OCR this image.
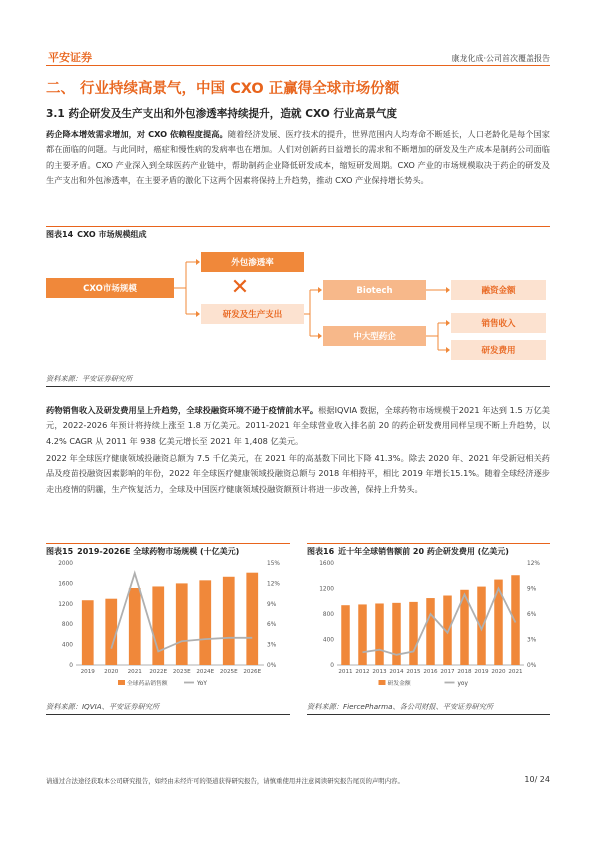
平安证券	康龙化成·公司首次覆盖报告
二、 行业持续高景气，中国 CXO 正赢得全球市场份额
3.1 药企研发及生产支出和外包渗透率持续提升，造就 CXO 行业高景气度
药企降本增效需求增加，对 CXO 依赖程度提高。随着经济发展、医疗技术的提升，世界范围内人均寿命不断延长，人口老龄化是每个国家都在面临的问题。与此同时，癌症和慢性病的发病率也在增加。人们对创新药日益增长的需求和不断增加的研发及生产成本是制药公司面临的主要矛盾。CXO 产业深入到全球医药产业链中，帮助制药企业降低研发成本，缩短研发周期。CXO 产业的市场规模取决于药企的研发及生产支出和外包渗透率，在主要矛盾的激化下这两个因素将保持上升趋势，推动 CXO 产业保持增长势头。
图表14 CXO 市场规模组成
CXO市场规模
外包渗透率
✕
研发及生产支出
Biotech
中大型药企
融资金额
销售收入
研发费用
资料来源：平安证券研究所
药物销售收入及研发费用呈上升趋势，全球投融资环境不逊于疫情前水平。根据IQVIA 数据，全球药物市场规模于2021 年达到 1.5 万亿美元，2022-2026 年预计将持续上涨至 1.8 万亿美元。2011-2021 年全球营业收入排名前 20 的药企研发费用同样呈现不断上升趋势，以 4.2% CAGR 从 2011 年 938 亿美元增长至 2021 年 1,408 亿美元。
2022 年全球医疗健康领域投融资总额为 7.5 千亿美元，在 2021 年的高基数下同比下降 41.3%。除去 2020 年、2021 年受新冠相关药品及疫苗投融资因素影响的年份，2022 年全球医疗健康领域投融资总额与 2018 年相持平，相比 2019 年增长15.1%。随着全球经济逐步走出疫情的阴霾，生产恢复活力，全球及中国医疗健康领域投融资额预计将进一步改善，保持上升势头。
图表15 2019-2026E 全球药物市场规模 (十亿美元)
0
400
800
1200
1600
2000
0%
3%
6%
9%
12%
15%
2019 2020 2021 2022E 2023E 2024E 2025E 2026E
全球药品销售额	YoY
资料来源：IQVIA、平安证券研究所
图表16 近十年全球销售额前 20 药企研发费用 (亿美元)
0
400
800
1200
1600
0%
3%
6%
9%
12%
2011 2012 2013 2014 2015 2016 2017 2018 2019 2020 2021
研发金额	yoy
资料来源：FiercePharma、各公司财报、平安证券研究所
请通过合法途径获取本公司研究报告，如经由未经许可的渠道获得研究报告，请慎重使用并注意阅读研究报告尾页的声明内容。	10/ 24
